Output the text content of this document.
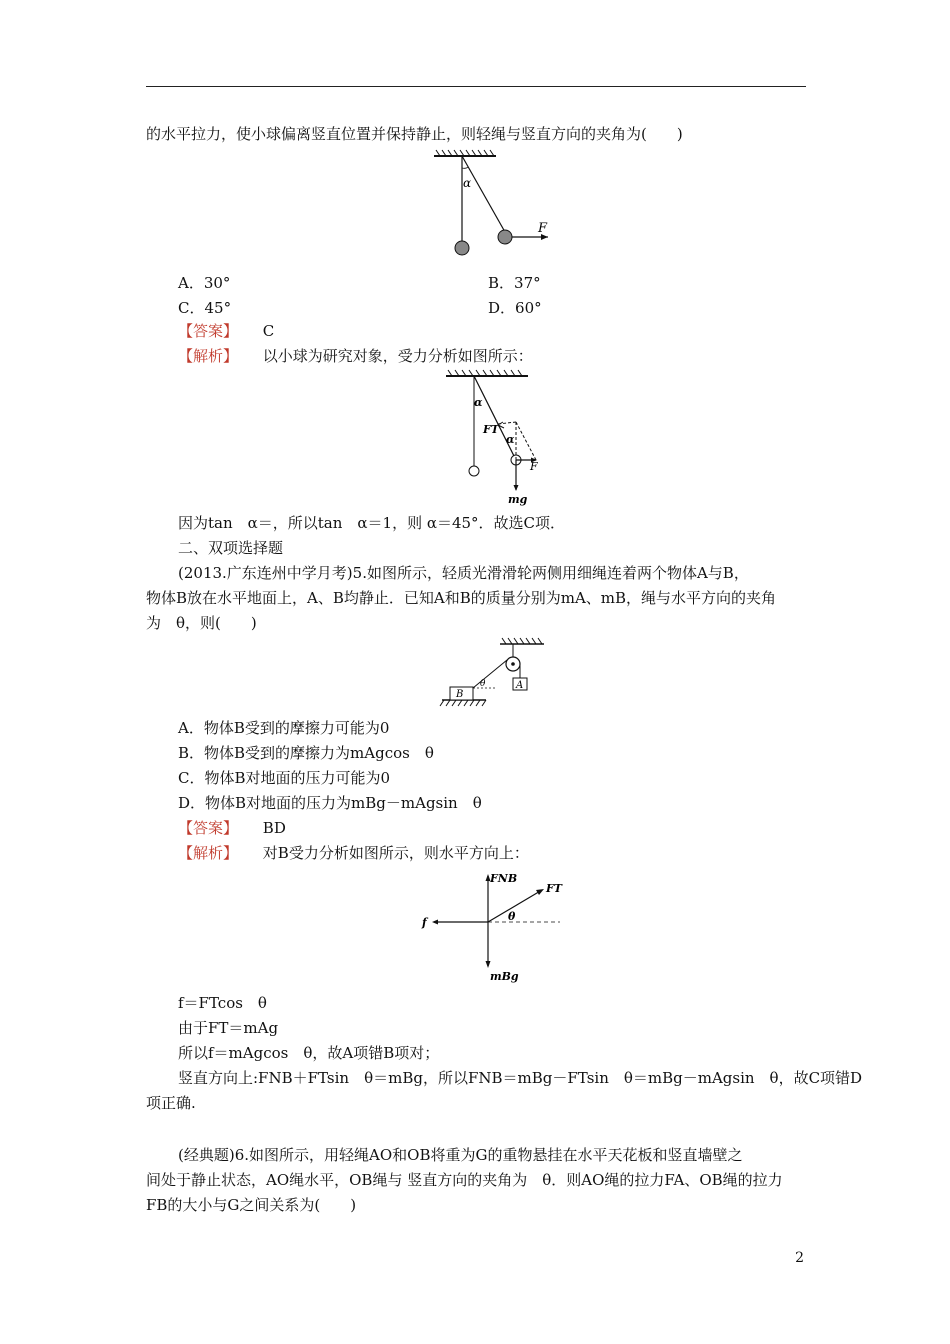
的水平拉力，使小球偏离竖直位置并保持静止，则轻绳与竖直方向的夹角为(　　)
α
F
A．30°	B．37°
C．45°	D．60°
【答案】 C
【解析】 以小球为研究对象，受力分析如图所示：
α
FT
α
F
mg
因为tan　α＝，所以tan　α＝1，则 α＝45°．故选C项．
二、双项选择题
(2013.广东连州中学月考)5.如图所示，轻质光滑滑轮两侧用细绳连着两个物体A与B，
物体B放在水平地面上，A、B均静止．已知A和B的质量分别为mA、mB，绳与水平方向的夹角
为　θ，则(　　)
A
θ
B
A．物体B受到的摩擦力可能为0
B．物体B受到的摩擦力为mAgcos　θ
C．物体B对地面的压力可能为0
D．物体B对地面的压力为mBg－mAgsin　θ
【答案】 BD
【解析】 对B受力分析如图所示，则水平方向上：
FNB
FT
θ
f
mBg
f＝FTcos　θ
由于FT＝mAg
所以f＝mAgcos　θ，故A项错B项对；
竖直方向上:FNB＋FTsin　θ＝mBg，所以FNB＝mBg－FTsin　θ＝mBg－mAgsin　θ，故C项错D
项正确.
(经典题)6.如图所示，用轻绳AO和OB将重为G的重物悬挂在水平天花板和竖直墙壁之
间处于静止状态，AO绳水平，OB绳与 竖直方向的夹角为　θ．则AO绳的拉力FA、OB绳的拉力
FB的大小与G之间关系为(　　)
2
